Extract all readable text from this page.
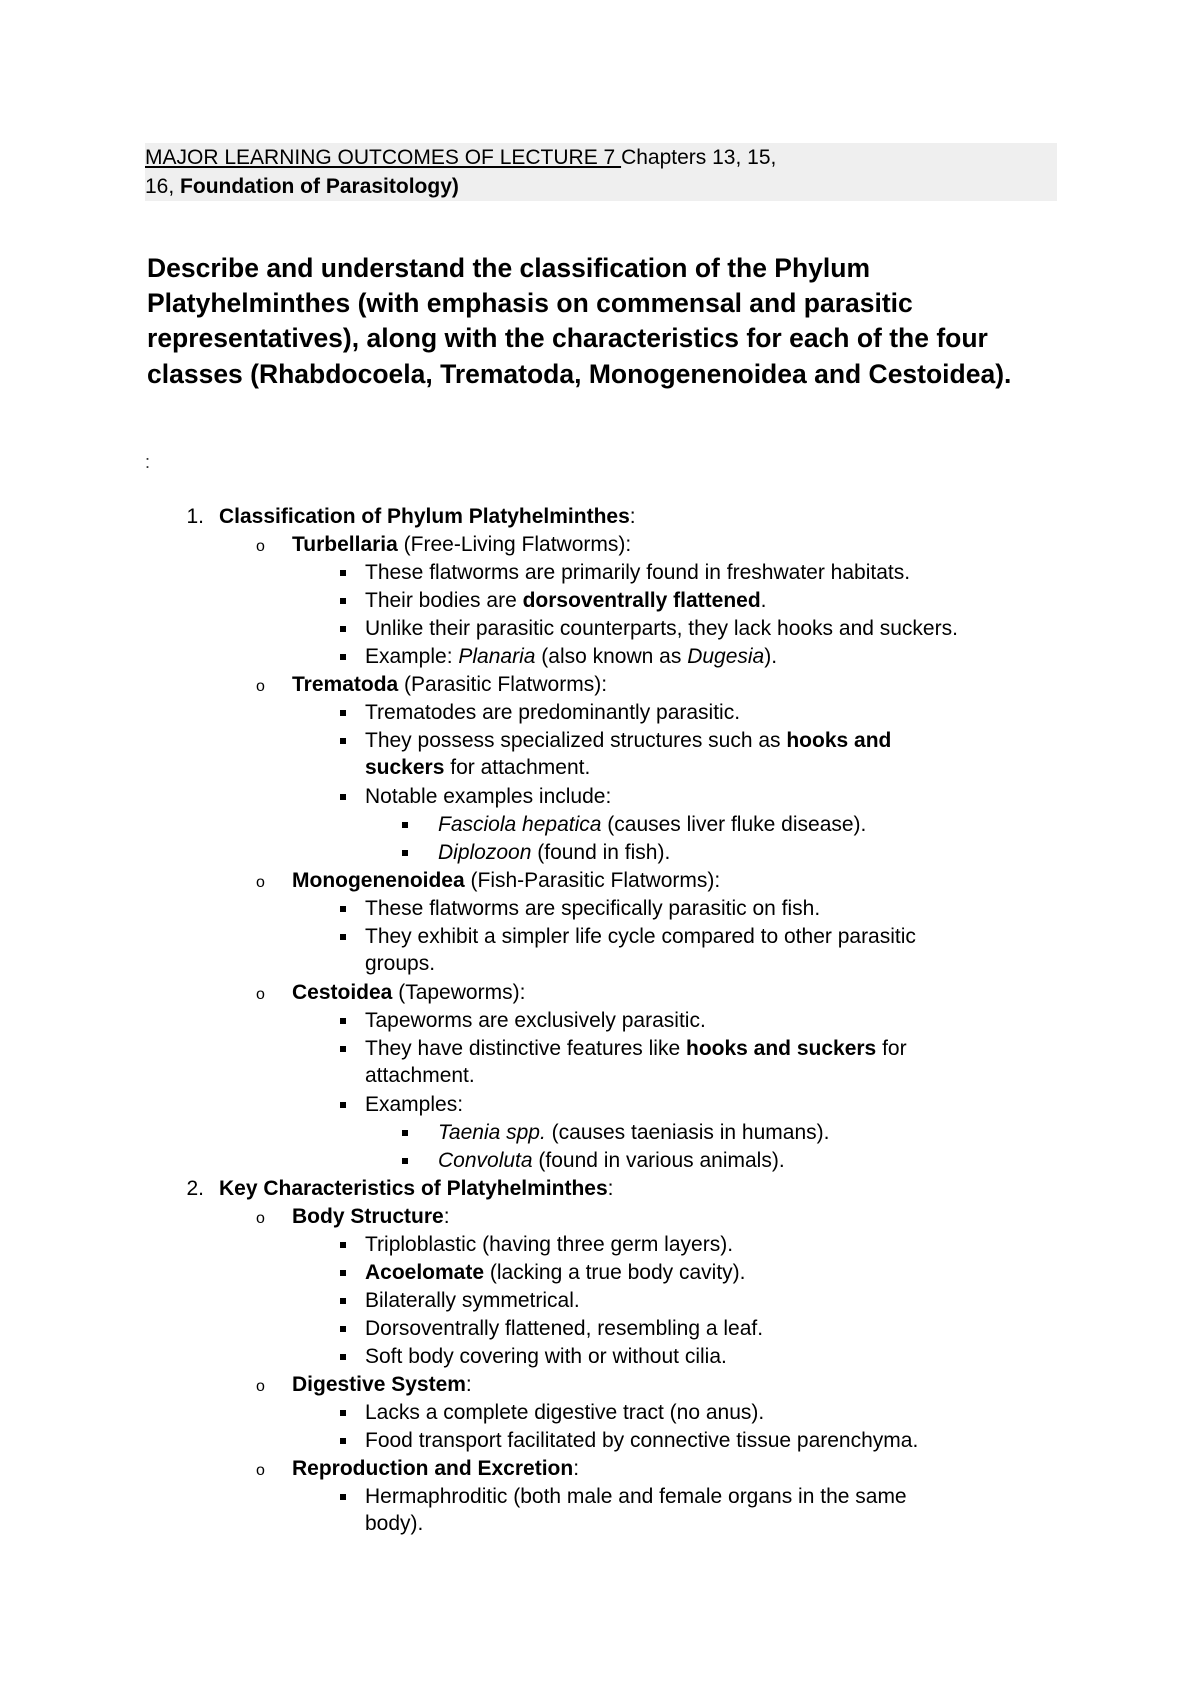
MAJOR LEARNING OUTCOMES OF LECTURE 7 Chapters 13, 15,
16, Foundation of Parasitology)
Describe and understand the classification of the Phylum Platyhelminthes (with emphasis on commensal and parasitic representatives), along with the characteristics for each of the four classes (Rhabdocoela, Trematoda, Monogenenoidea and Cestoidea).
:
1. Classification of Phylum Platyhelminthes:
o Turbellaria (Free-Living Flatworms):
These flatworms are primarily found in freshwater habitats.
Their bodies are dorsoventrally flattened.
Unlike their parasitic counterparts, they lack hooks and suckers.
Example: Planaria (also known as Dugesia).
o Trematoda (Parasitic Flatworms):
Trematodes are predominantly parasitic.
They possess specialized structures such as hooks and
suckers for attachment.
Notable examples include:
Fasciola hepatica (causes liver fluke disease).
Diplozoon (found in fish).
o Monogenenoidea (Fish-Parasitic Flatworms):
These flatworms are specifically parasitic on fish.
They exhibit a simpler life cycle compared to other parasitic
groups.
o Cestoidea (Tapeworms):
Tapeworms are exclusively parasitic.
They have distinctive features like hooks and suckers for
attachment.
Examples:
Taenia spp. (causes taeniasis in humans).
Convoluta (found in various animals).
2. Key Characteristics of Platyhelminthes:
o Body Structure:
Triploblastic (having three germ layers).
Acoelomate (lacking a true body cavity).
Bilaterally symmetrical.
Dorsoventrally flattened, resembling a leaf.
Soft body covering with or without cilia.
o Digestive System:
Lacks a complete digestive tract (no anus).
Food transport facilitated by connective tissue parenchyma.
o Reproduction and Excretion:
Hermaphroditic (both male and female organs in the same
body).
